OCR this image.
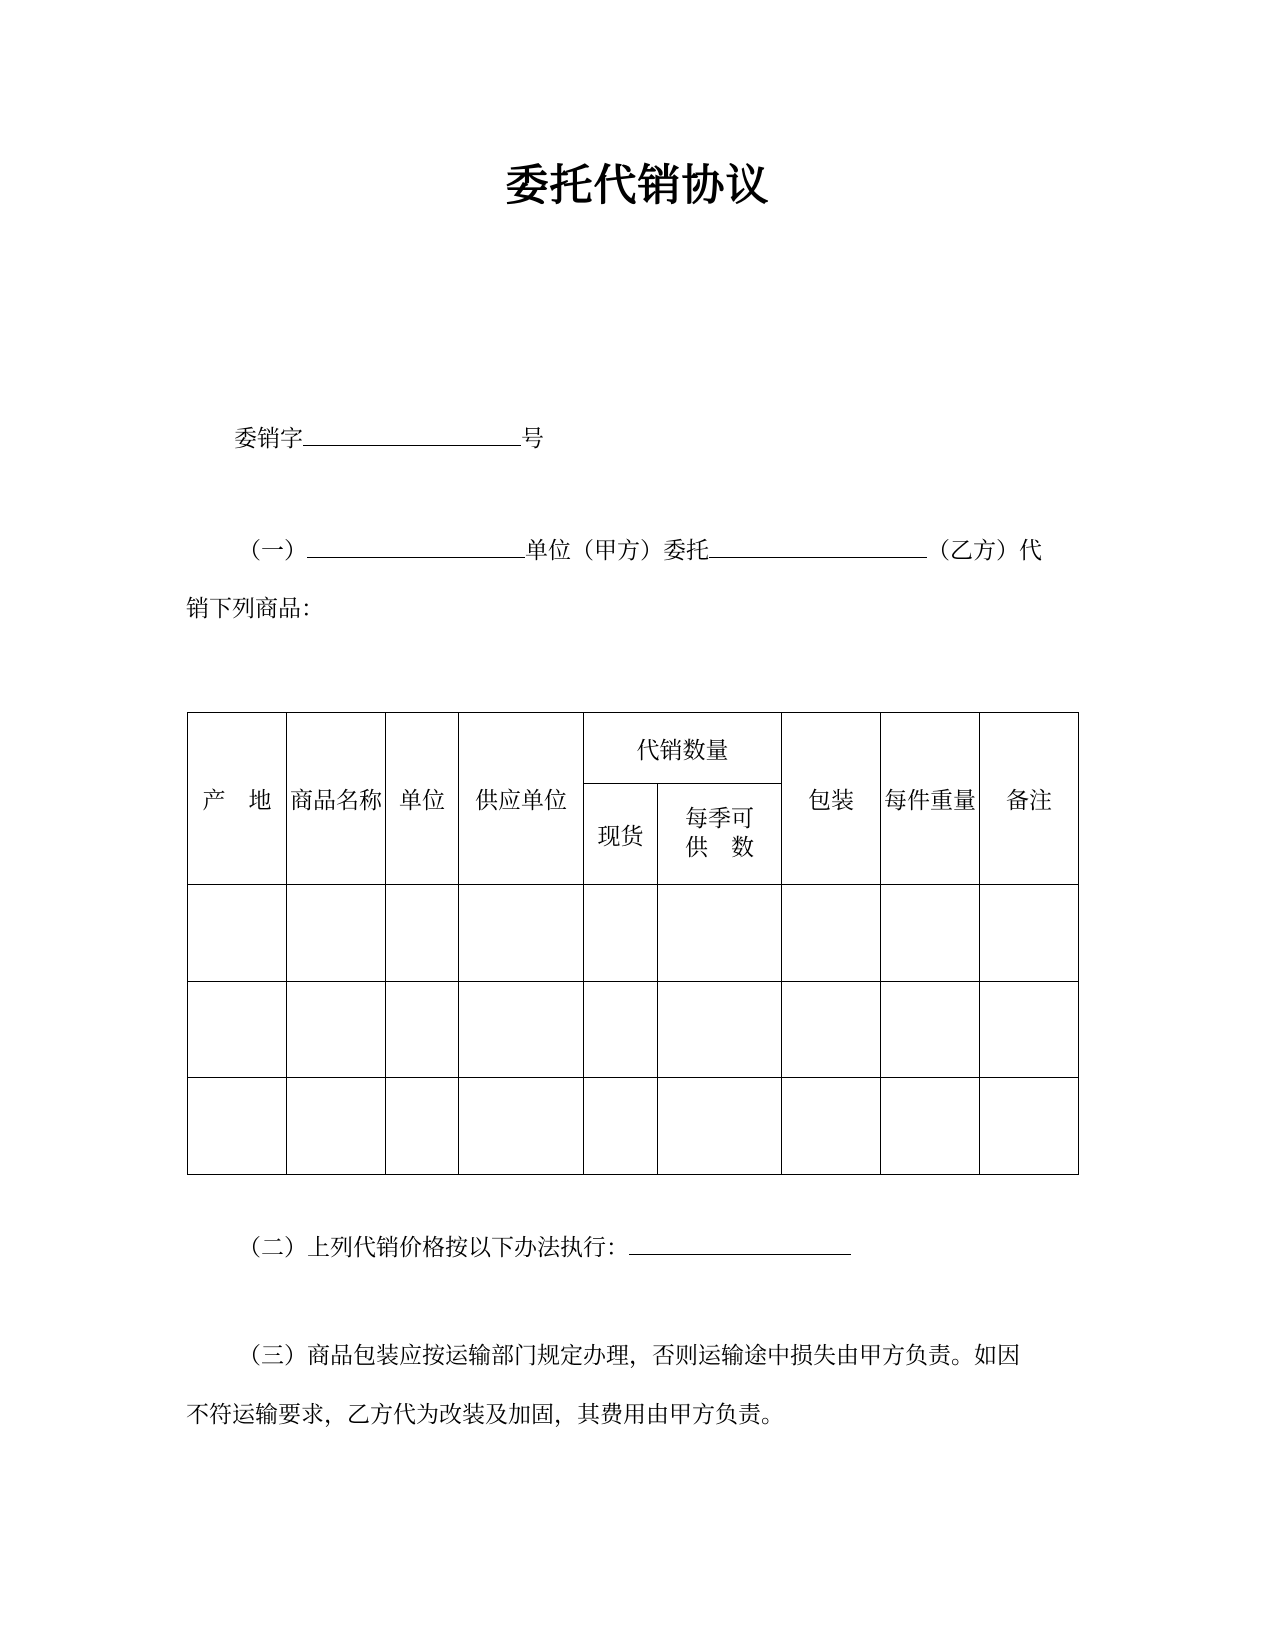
委托代销协议
委销字	号
（一）	单位（甲方）委托	（乙方）代
销下列商品：
产　地	商品名称	单位	供应单位	代销数量		包装	每件重量	备注
				现货	每季可
供　数			

（二）上列代销价格按以下办法执行：
（三）商品包装应按运输部门规定办理，否则运输途中损失由甲方负责。如因
不符运输要求，乙方代为改装及加固，其费用由甲方负责。
